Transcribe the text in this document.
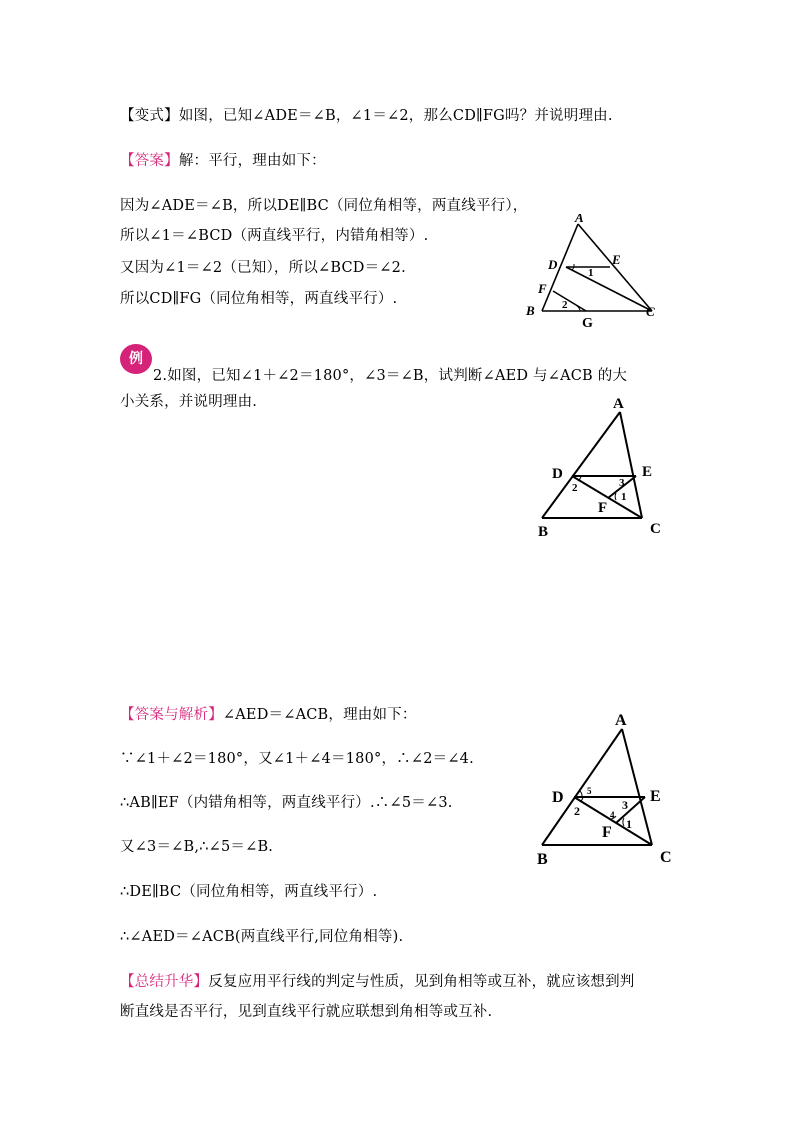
【变式】如图，已知∠ADE＝∠B，∠1＝∠2，那么CD∥FG吗？并说明理由.
【答案】解：平行，理由如下：
因为∠ADE＝∠B，所以DE∥BC（同位角相等，两直线平行），
所以∠1＝∠BCD（两直线平行，内错角相等）.
又因为∠1＝∠2（已知），所以∠BCD＝∠2.
所以CD∥FG（同位角相等，两直线平行）.
A
D	E
F
B
G
C
1
2
例
2.如图，已知∠1＋∠2＝180°，∠3＝∠B，试判断∠AED 与∠ACB 的大
小关系，并说明理由.	A
D	E
F
B	C
2	3
1
【答案与解析】∠AED＝∠ACB，理由如下：
∵∠1＋∠2＝180°，又∠1＋∠4＝180°，∴∠2＝∠4.
∴AB∥EF（内错角相等，两直线平行）.∴∠5＝∠3.
又∠3＝∠B,∴∠5＝∠B.
∴DE∥BC（同位角相等，两直线平行）.
∴∠AED＝∠ACB(两直线平行,同位角相等).
A
D	E
F
B	C
5
2	3
4
1
【总结升华】反复应用平行线的判定与性质，见到角相等或互补，就应该想到判
断直线是否平行，见到直线平行就应联想到角相等或互补.
